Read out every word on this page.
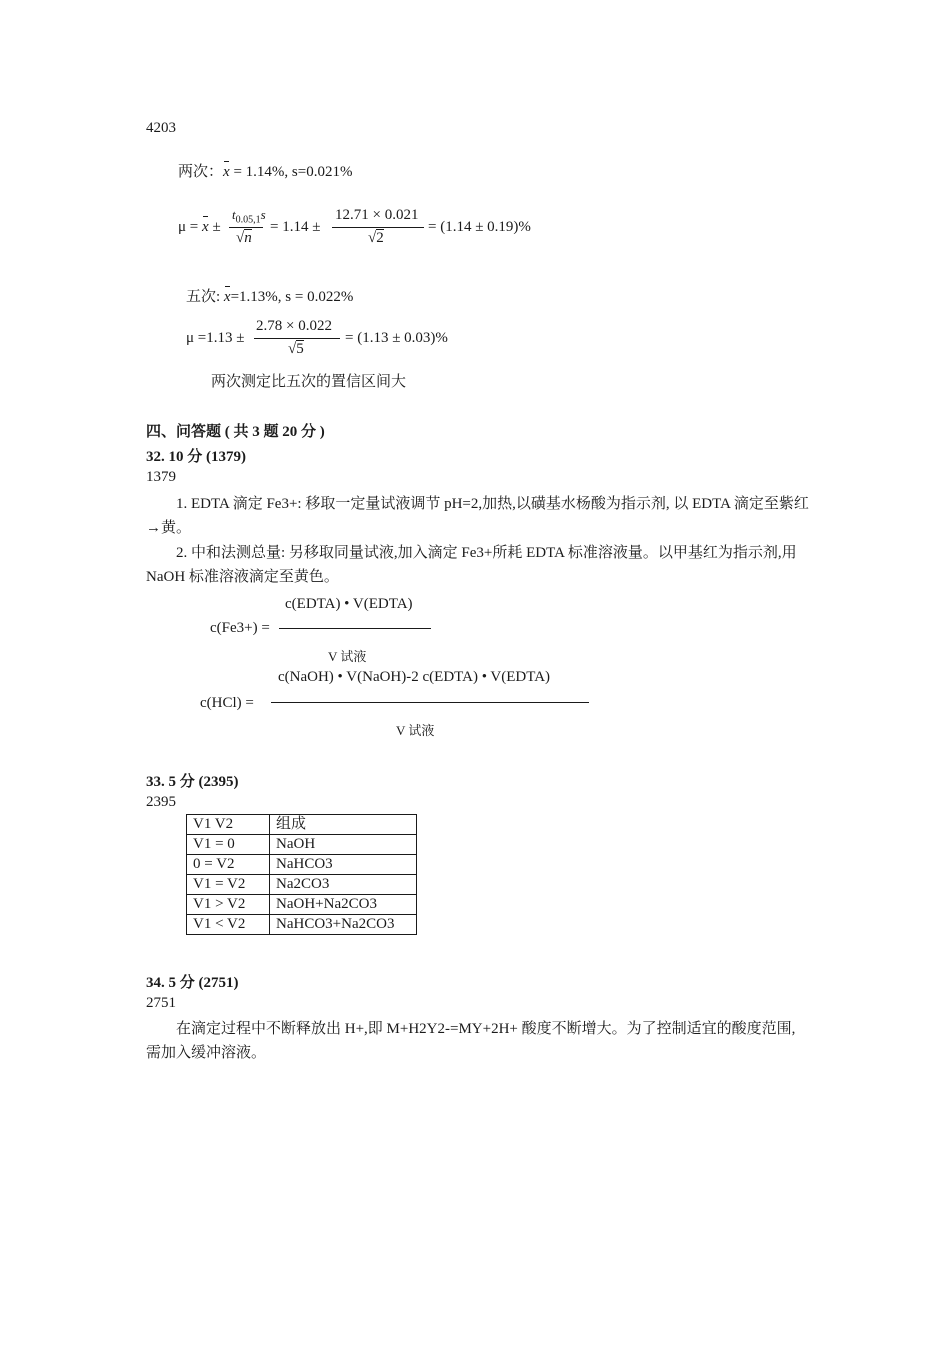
4203
两次：x = 1.14%, s=0.021%
μ = x ±
$t_{0.05,1}s$
√n
= 1.14 ±
12.71 × 0.021
√2
= (1.14 ± 0.19)%
五次: x=1.13%, s = 0.022%
μ =1.13 ±
2.78 × 0.022
√5
= (1.13 ± 0.03)%
两次测定比五次的置信区间大
四、问答题 ( 共 3 题 20 分 )
32. 10 分 (1379)
1379
1. EDTA 滴定 Fe3+: 移取一定量试液调节 pH=2,加热,以磺基水杨酸为指示剂, 以 EDTA 滴定至紫红→黄。
2. 中和法测总量: 另移取同量试液,加入滴定 Fe3+所耗 EDTA 标准溶液量。以甲基红为指示剂,用 NaOH 标准溶液滴定至黄色。
c(Fe3+) =
c(EDTA) • V(EDTA)
V 试液
c(HCl) =
c(NaOH) • V(NaOH)-2 c(EDTA) • V(EDTA)
V 试液
33. 5 分 (2395)
2395
V1 V2	组成
V1 = 0	NaOH
0 = V2	NaHCO3
V1 = V2	Na2CO3
V1 > V2	NaOH+Na2CO3
V1 < V2	NaHCO3+Na2CO3
34. 5 分 (2751)
2751
在滴定过程中不断释放出 H+,即 M+H2Y2-=MY+2H+ 酸度不断增大。为了控制适宜的酸度范围,需加入缓冲溶液。
